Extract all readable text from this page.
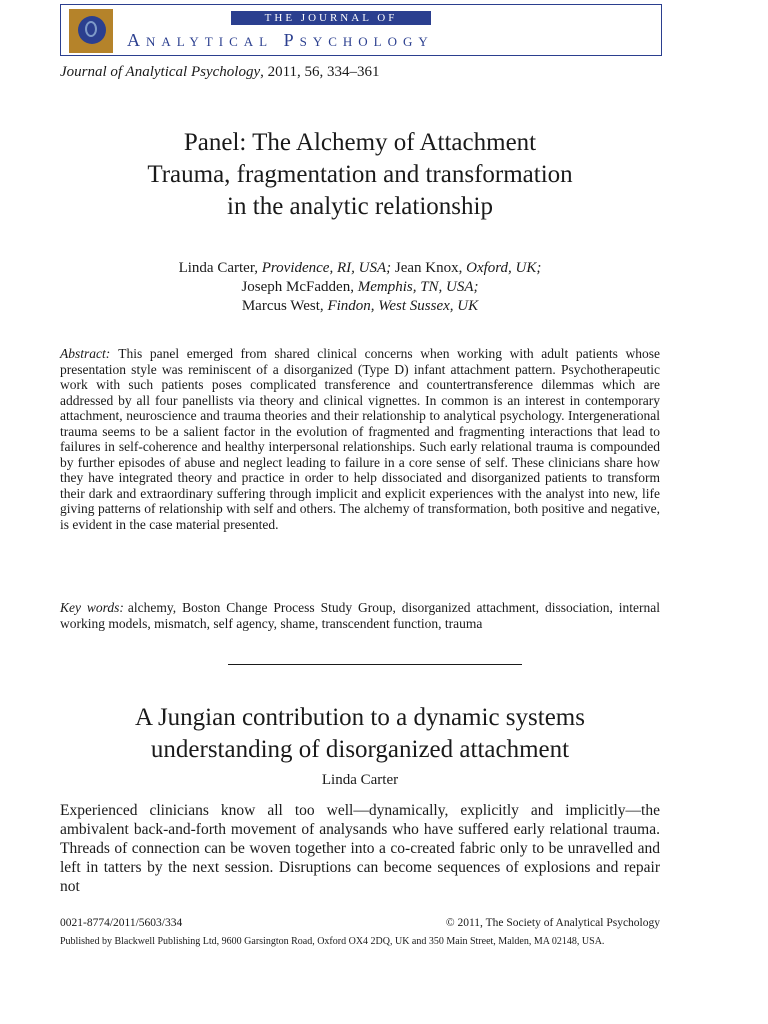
THE JOURNAL OF
Analytical Psychology
Journal of Analytical Psychology, 2011, 56, 334–361
Panel: The Alchemy of Attachment
Trauma, fragmentation and transformation
in the analytic relationship
Linda Carter, Providence, RI, USA; Jean Knox, Oxford, UK;
Joseph McFadden, Memphis, TN, USA;
Marcus West, Findon, West Sussex, UK
Abstract: This panel emerged from shared clinical concerns when working with adult patients whose presentation style was reminiscent of a disorganized (Type D) infant attachment pattern. Psychotherapeutic work with such patients poses complicated transference and countertransference dilemmas which are addressed by all four panellists via theory and clinical vignettes. In common is an interest in contemporary attachment, neuroscience and trauma theories and their relationship to analytical psychology. Intergenerational trauma seems to be a salient factor in the evolution of fragmented and fragmenting interactions that lead to failures in self-coherence and healthy interpersonal relationships. Such early relational trauma is compounded by further episodes of abuse and neglect leading to failure in a core sense of self. These clinicians share how they have integrated theory and practice in order to help dissociated and disorganized patients to transform their dark and extraordinary suffering through implicit and explicit experiences with the analyst into new, life giving patterns of relationship with self and others. The alchemy of transformation, both positive and negative, is evident in the case material presented.
Key words: alchemy, Boston Change Process Study Group, disorganized attachment, dissociation, internal working models, mismatch, self agency, shame, transcendent function, trauma
A Jungian contribution to a dynamic systems
understanding of disorganized attachment
Linda Carter
Experienced clinicians know all too well—dynamically, explicitly and implicitly—the ambivalent back-and-forth movement of analysands who have suffered early relational trauma. Threads of connection can be woven together into a co-created fabric only to be unravelled and left in tatters by the next session. Disruptions can become sequences of explosions and repair not
0021-8774/2011/5603/334	© 2011, The Society of Analytical Psychology
Published by Blackwell Publishing Ltd, 9600 Garsington Road, Oxford OX4 2DQ, UK and 350 Main Street, Malden, MA 02148, USA.
